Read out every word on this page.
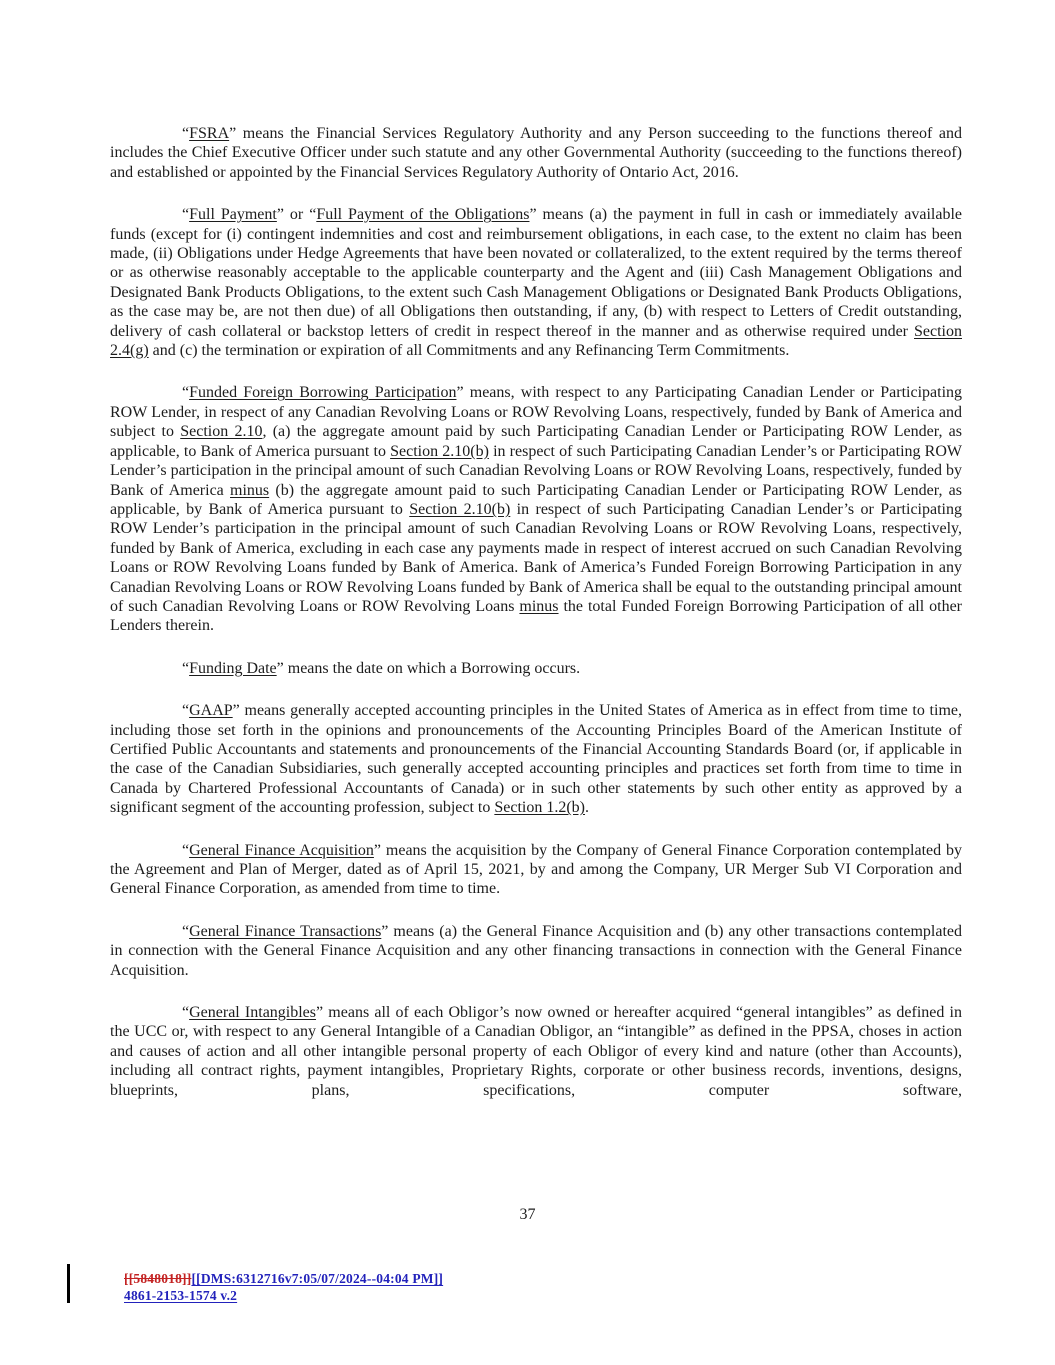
“FSRA” means the Financial Services Regulatory Authority and any Person succeeding to the functions thereof and includes the Chief Executive Officer under such statute and any other Governmental Authority (succeeding to the functions thereof) and established or appointed by the Financial Services Regulatory Authority of Ontario Act, 2016.

“Full Payment” or “Full Payment of the Obligations” means (a) the payment in full in cash or immediately available funds (except for (i) contingent indemnities and cost and reimbursement obligations, in each case, to the extent no claim has been made, (ii) Obligations under Hedge Agreements that have been novated or collateralized, to the extent required by the terms thereof or as otherwise reasonably acceptable to the applicable counterparty and the Agent and (iii) Cash Management Obligations and Designated Bank Products Obligations, to the extent such Cash Management Obligations or Designated Bank Products Obligations, as the case may be, are not then due) of all Obligations then outstanding, if any, (b) with respect to Letters of Credit outstanding, delivery of cash collateral or backstop letters of credit in respect thereof in the manner and as otherwise required under Section 2.4(g) and (c) the termination or expiration of all Commitments and any Refinancing Term Commitments.

“Funded Foreign Borrowing Participation” means, with respect to any Participating Canadian Lender or Participating ROW Lender, in respect of any Canadian Revolving Loans or ROW Revolving Loans, respectively, funded by Bank of America and subject to Section 2.10, (a) the aggregate amount paid by such Participating Canadian Lender or Participating ROW Lender, as applicable, to Bank of America pursuant to Section 2.10(b) in respect of such Participating Canadian Lender’s or Participating ROW Lender’s participation in the principal amount of such Canadian Revolving Loans or ROW Revolving Loans, respectively, funded by Bank of America minus (b) the aggregate amount paid to such Participating Canadian Lender or Participating ROW Lender, as applicable, by Bank of America pursuant to Section 2.10(b) in respect of such Participating Canadian Lender’s or Participating ROW Lender’s participation in the principal amount of such Canadian Revolving Loans or ROW Revolving Loans, respectively, funded by Bank of America, excluding in each case any payments made in respect of interest accrued on such Canadian Revolving Loans or ROW Revolving Loans funded by Bank of America. Bank of America’s Funded Foreign Borrowing Participation in any Canadian Revolving Loans or ROW Revolving Loans funded by Bank of America shall be equal to the outstanding principal amount of such Canadian Revolving Loans or ROW Revolving Loans minus the total Funded Foreign Borrowing Participation of all other Lenders therein.

“Funding Date” means the date on which a Borrowing occurs.

“GAAP” means generally accepted accounting principles in the United States of America as in effect from time to time, including those set forth in the opinions and pronouncements of the Accounting Principles Board of the American Institute of Certified Public Accountants and statements and pronouncements of the Financial Accounting Standards Board (or, if applicable in the case of the Canadian Subsidiaries, such generally accepted accounting principles and practices set forth from time to time in Canada by Chartered Professional Accountants of Canada) or in such other statements by such other entity as approved by a significant segment of the accounting profession, subject to Section 1.2(b).

“General Finance Acquisition” means the acquisition by the Company of General Finance Corporation contemplated by the Agreement and Plan of Merger, dated as of April 15, 2021, by and among the Company, UR Merger Sub VI Corporation and General Finance Corporation, as amended from time to time.

“General Finance Transactions” means (a) the General Finance Acquisition and (b) any other transactions contemplated in connection with the General Finance Acquisition and any other financing transactions in connection with the General Finance Acquisition.

“General Intangibles” means all of each Obligor’s now owned or hereafter acquired “general intangibles” as defined in the UCC or, with respect to any General Intangible of a Canadian Obligor, an “intangible” as defined in the PPSA, choses in action and causes of action and all other intangible personal property of each Obligor of every kind and nature (other than Accounts), including all contract rights, payment intangibles, Proprietary Rights, corporate or other business records, inventions, designs, blueprints, plans, specifications, computer software,

37
[[5848018]][[DMS:6312716v7:05/07/2024--04:04 PM]]
4861-2153-1574 v.2
